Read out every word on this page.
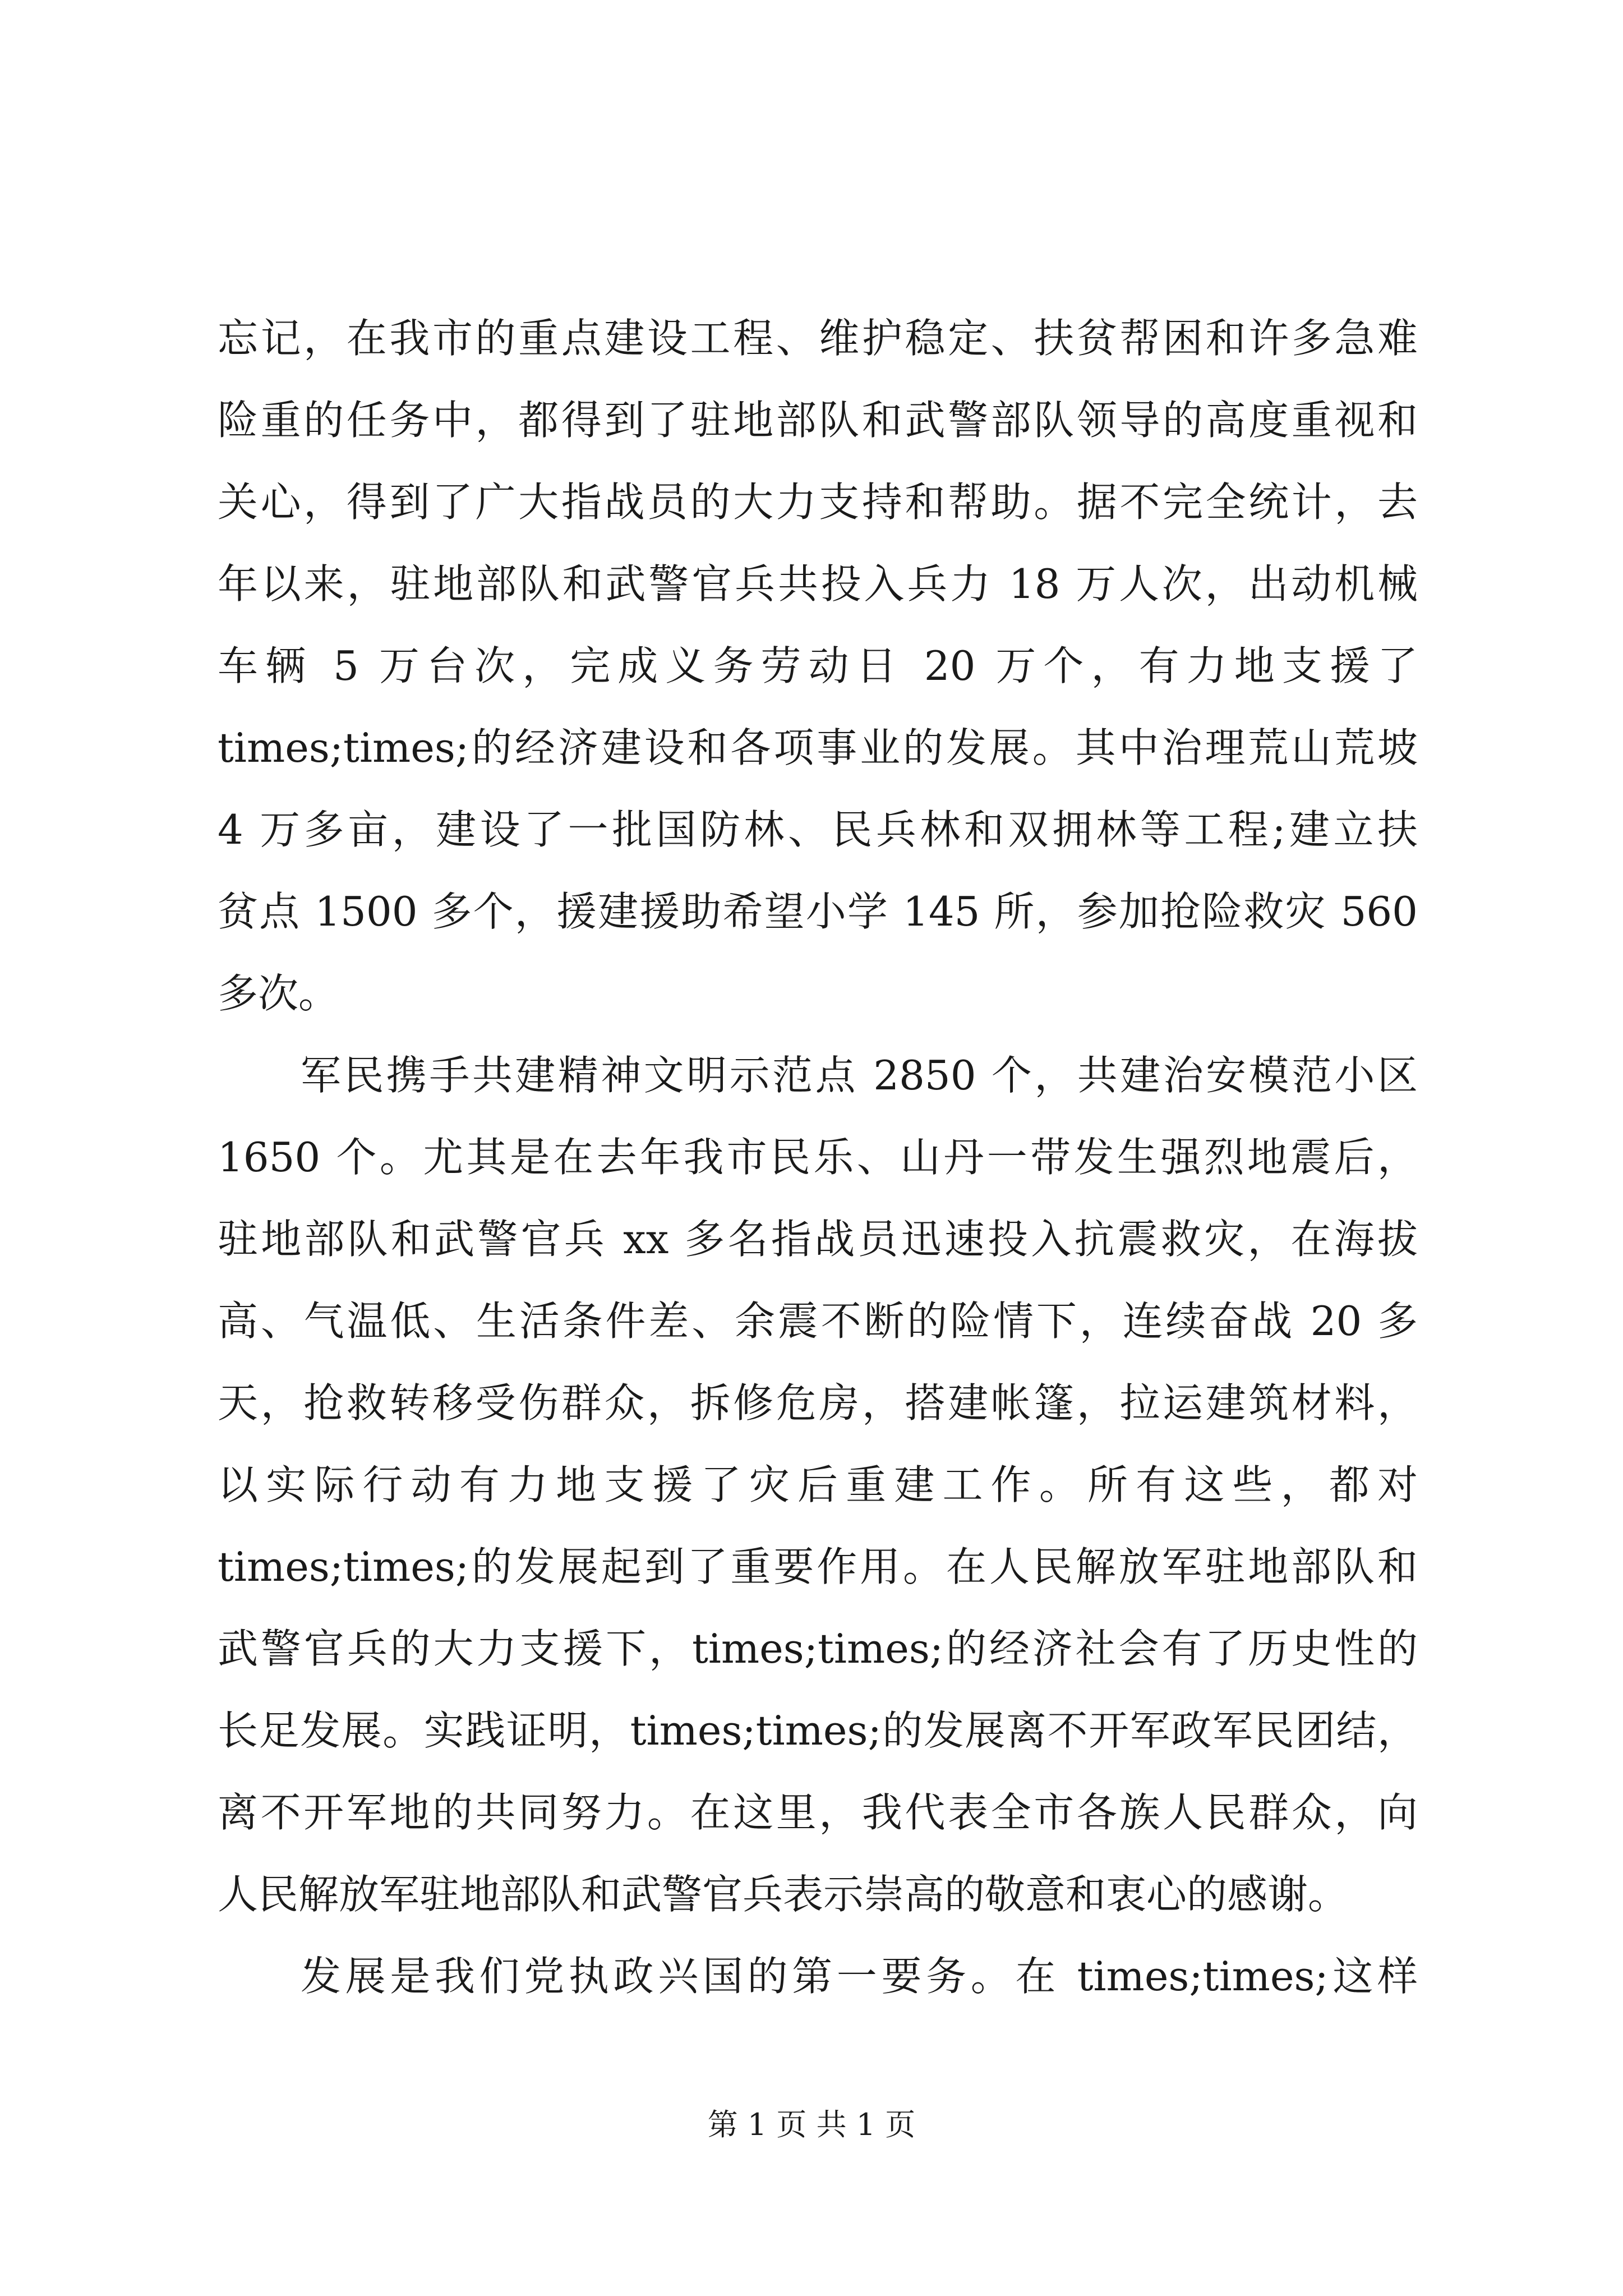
忘记，在我市的重点建设工程、维护稳定、扶贫帮困和许多急难
险重的任务中，都得到了驻地部队和武警部队领导的高度重视和
关心，得到了广大指战员的大力支持和帮助。据不完全统计，去
年以来，驻地部队和武警官兵共投入兵力 18 万人次，出动机械
车辆 5 万台次，完成义务劳动日 20 万个，有力地支援了
times;times;的经济建设和各项事业的发展。其中治理荒山荒坡
4 万多亩，建设了一批国防林、民兵林和双拥林等工程;建立扶
贫点 1500 多个，援建援助希望小学 145 所，参加抢险救灾 560
多次。
军民携手共建精神文明示范点 2850 个，共建治安模范小区
1650 个。尤其是在去年我市民乐、山丹一带发生强烈地震后，
驻地部队和武警官兵 xx 多名指战员迅速投入抗震救灾，在海拔
高、气温低、生活条件差、余震不断的险情下，连续奋战 20 多
天，抢救转移受伤群众，拆修危房，搭建帐篷，拉运建筑材料，
以实际行动有力地支援了灾后重建工作。所有这些，都对
times;times;的发展起到了重要作用。在人民解放军驻地部队和
武警官兵的大力支援下，times;times;的经济社会有了历史性的
长足发展。实践证明，times;times;的发展离不开军政军民团结，
离不开军地的共同努力。在这里，我代表全市各族人民群众，向
人民解放军驻地部队和武警官兵表示崇高的敬意和衷心的感谢。
发展是我们党执政兴国的第一要务。在 times;times;这样
第 1 页 共 1 页
